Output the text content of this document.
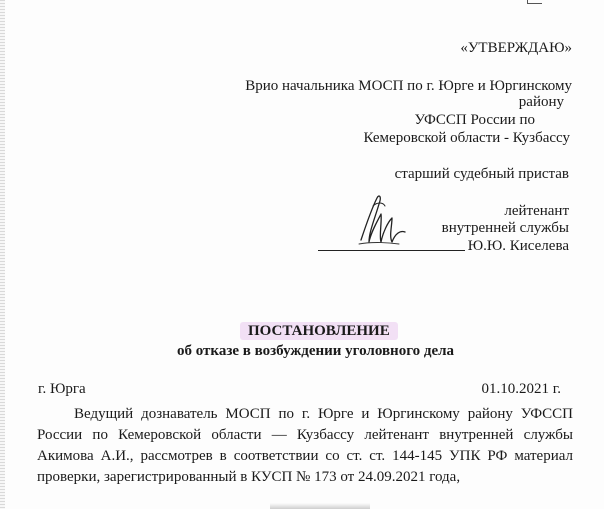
«УТВЕРЖДАЮ»
Врио начальника МОСП по г. Юрге и Юргинскому
району
УФССП России по
Кемеровской области - Кузбассу
старший судебный пристав
лейтенант
внутренней службы
Ю.Ю. Киселева
ПОСТАНОВЛЕНИЕ
об отказе в возбуждении уголовного дела
г. Юрга	01.10.2021 г.
Ведущий дознаватель МОСП по г. Юрге и Юргинскому району УФССП
России по Кемеровской области — Кузбассу лейтенант внутренней службы
Акимова А.И., рассмотрев в соответствии со ст. ст. 144-145 УПК РФ материал
проверки, зарегистрированный в КУСП № 173 от 24.09.2021 года,
